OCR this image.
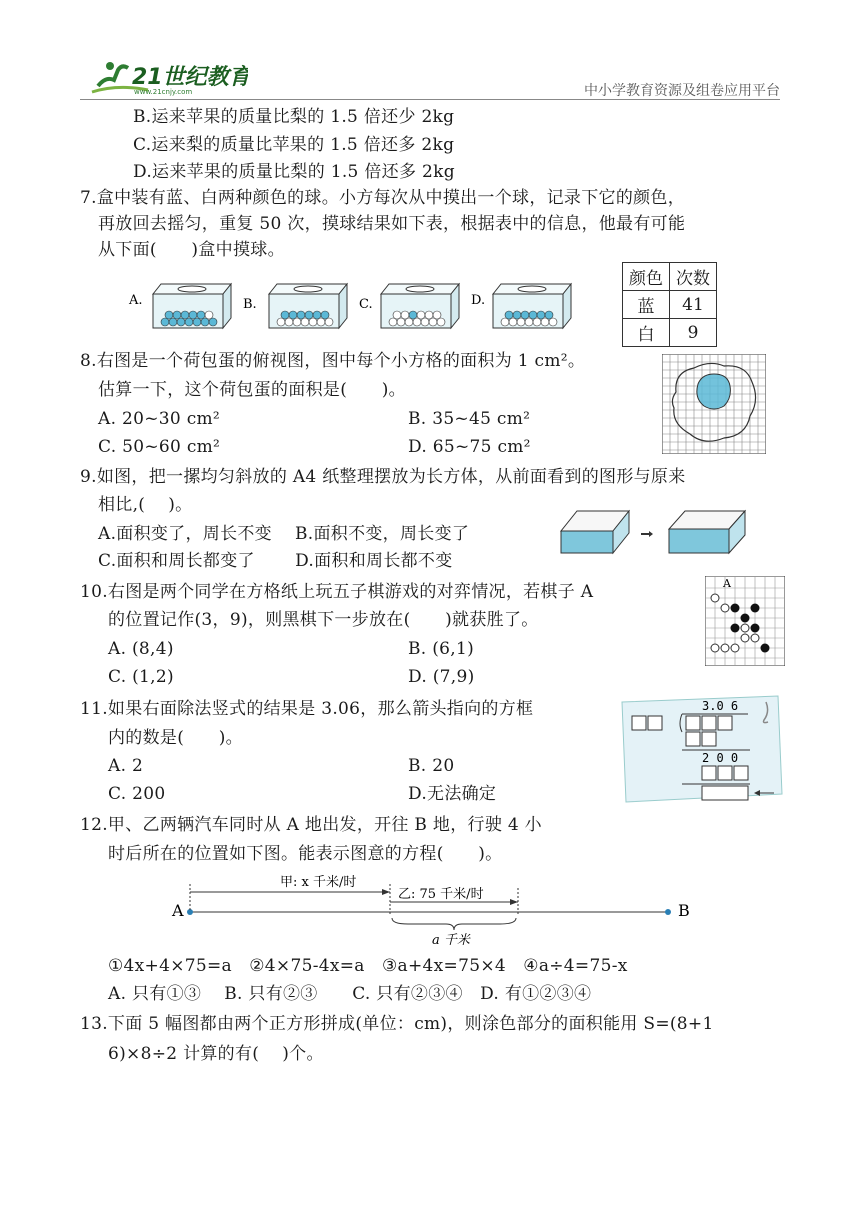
21世纪教育
www.21cnjy.com	中小学教育资源及组卷应用平台
B.运来苹果的质量比梨的 1.5 倍还少 2kg
C.运来梨的质量比苹果的 1.5 倍还多 2kg
D.运来苹果的质量比梨的 1.5 倍还多 2kg
7.盒中装有蓝、白两种颜色的球。小方每次从中摸出一个球，记录下它的颜色，
再放回去摇匀，重复 50 次，摸球结果如下表，根据表中的信息，他最有可能
从下面(　　)盒中摸球。
A.	B.	C.	D.
颜色	次数
蓝	41
白	9
8.右图是一个荷包蛋的俯视图，图中每个小方格的面积为 1 cm²。
估算一下，这个荷包蛋的面积是(　　)。
A. 20~30 cm²	B. 35~45 cm²
C. 50~60 cm²	D. 65~75 cm²
9.如图，把一摞均匀斜放的 A4 纸整理摆放为长方体，从前面看到的图形与原来
相比,(　 )。
A.面积变了，周长不变　 B.面积不变，周长变了
C.面积和周长都变了　　 D.面积和周长都不变
10.右图是两个同学在方格纸上玩五子棋游戏的对弈情况，若棋子 A
的位置记作(3，9)，则黑棋下一步放在(　　)就获胜了。
A. (8,4)	B. (6,1)
C. (1,2)	D. (7,9)
A
11.如果右面除法竖式的结果是 3.06，那么箭头指向的方框
内的数是(　　)。
A. 2	B. 20
C. 200	D.无法确定
3.0 6
2 0 0
12.甲、乙两辆汽车同时从 A 地出发，开往 B 地，行驶 4 小
时后所在的位置如下图。能表示图意的方程(　　)。
A	B
甲: x 千米/时
乙: 75 千米/时
a 千米
①4x+4×75=a　②4×75-4x=a　③a+4x=75×4　④a÷4=75-x
A. 只有①③　 B. 只有②③　　C. 只有②③④　D. 有①②③④
13.下面 5 幅图都由两个正方形拼成(单位：cm)，则涂色部分的面积能用 S=(8+1
6)×8÷2 计算的有(　 )个。
